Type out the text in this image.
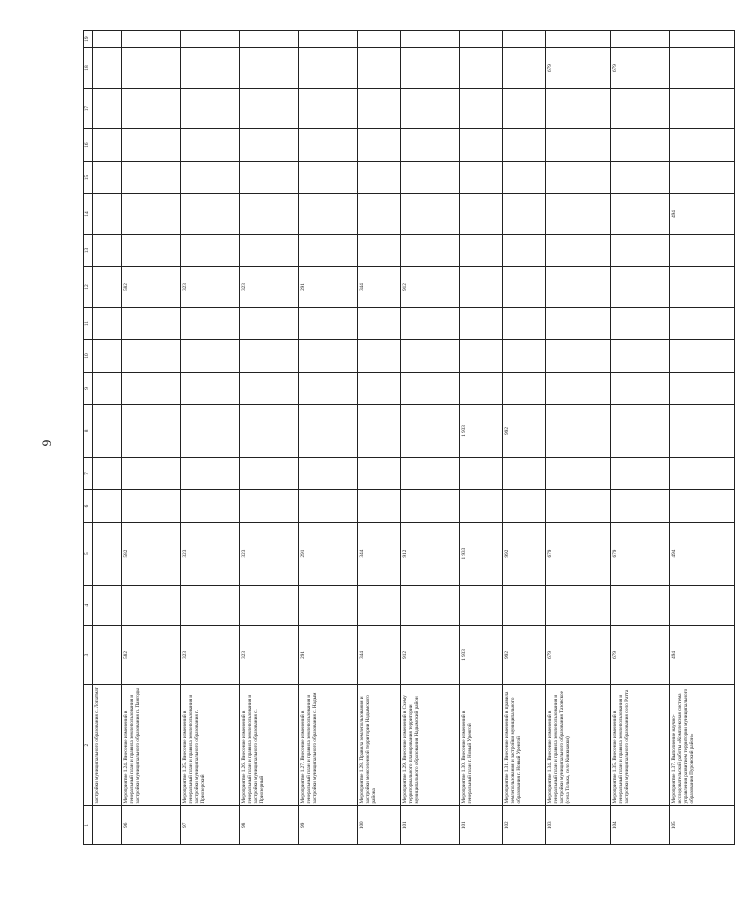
9
1	2	3	4	5	6	7	8	9	10	11	12	13	14	15	16	17	18	19
	застройки муниципального образования с. Лопатмат																	
96	Мероприятие 1.24. Внесение изменений в генеральный план и правила землепользования и застройки муниципального образования п. Пангоды	582		582							582							
97	Мероприятие 1.25. Внесение изменений в генеральный план и правила землепользования и застройки муниципального образования г. Приозерский	323		323							323							
98	Мероприятие 1.26. Внесение изменений в генеральный план и правила землепользования и застройки муниципального образования с. Приозерный	323		323							323							
99	Мероприятие 1.27. Внесение изменений в генеральный план и правила землепользования и застройки муниципального образования с. Надым	291		291							291							
100	Мероприятие 1.28. Правила землепользования и застройки межселенной территории Надымского района	344		344							344							
101	Мероприятие 1.29. Внесение изменений в Схему территориального планирования территории муниципального образования Надымский район	912		912							912							
101	Мероприятие 1.30. Внесение изменений в генеральный план г. Новый Уренгой	1 933		1 933			1 933											
102	Мероприятие 1.31. Внесение изменений в правила землепользования и застройки муниципального образования г. Новый Уренгой	992		992			992											
103	Мероприятие 1.34. Внесение изменений в генеральный план и правила землепользования и застройки муниципального образования Тазовское (села Толька, село Киккиакки)	679		679													679	
104	Мероприятие 1.35. Внесение изменений в генеральный план и правила землепользования и застройки муниципального образования село Ратта	679		679													679	
105	Мероприятие 1.37. Выполнение научно-исследовательской работы «Комплексная система управления развитием территории муниципального образования Пуровский район»	494		494									494					
